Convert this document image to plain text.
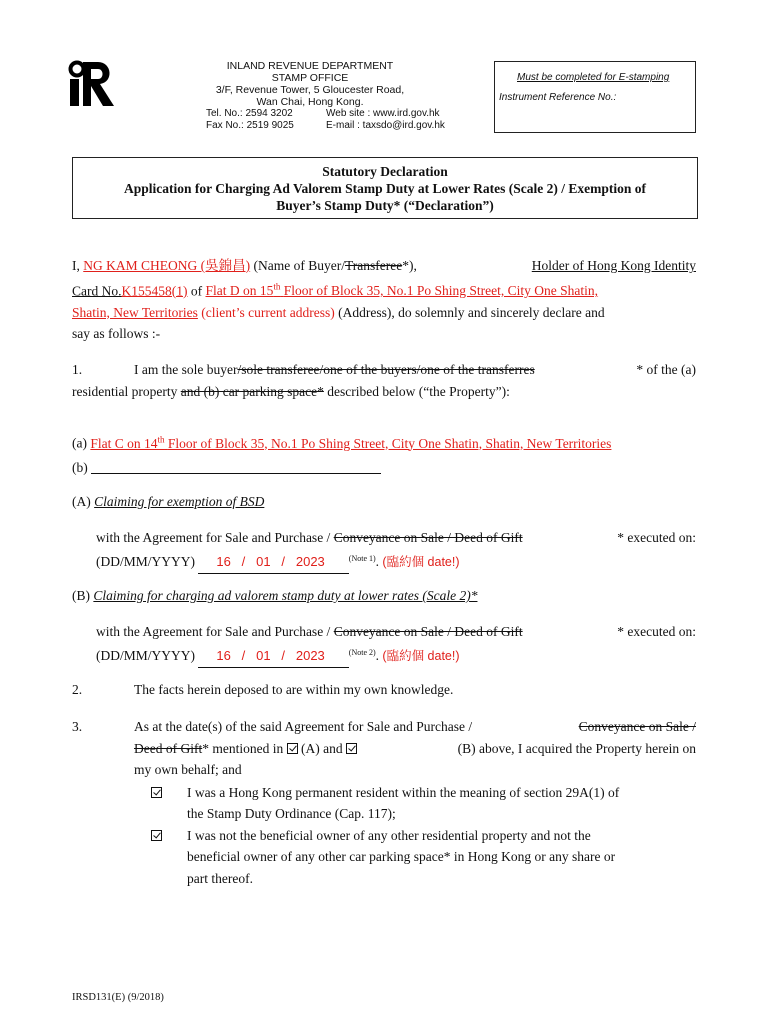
INLAND REVENUE DEPARTMENT
STAMP OFFICE
3/F, Revenue Tower, 5 Gloucester Road,
Wan Chai, Hong Kong.
Tel. No.: 2594 3202	Web site : www.ird.gov.hk
Fax No.: 2519 9025	E-mail : taxsdo@ird.gov.hk
Must be completed for E-stamping
Instrument Reference No.:
Statutory Declaration
Application for Charging Ad Valorem Stamp Duty at Lower Rates (Scale 2) / Exemption of
Buyer’s Stamp Duty* (“Declaration”)
I, NG KAM CHEONG (吳錦昌) (Name of Buyer/Transferee*),	Holder of Hong Kong Identity
Card No.K155458(1) of Flat D on 15th Floor of Block 35, No.1 Po Shing Street, City One Shatin,
Shatin, New Territories (client’s current address) (Address), do solemnly and sincerely declare and
say as follows :-
1.	I am the sole buyer/sole transferee/one of the buyers/one of the transferres	* of the (a)
residential property and (b) car parking space* described below (“the Property”):
(a) Flat C on 14th Floor of Block 35, No.1 Po Shing Street, City One Shatin, Shatin, New Territories
(b)
(A) Claiming for exemption of BSD
with the Agreement for Sale and Purchase / Conveyance on Sale / Deed of Gift	* executed on:
(DD/MM/YYYY) 16   /   01   /   2023	$^{(Note 1)}$. (臨約個 date!)
(B) Claiming for charging ad valorem stamp duty at lower rates (Scale 2)*
with the Agreement for Sale and Purchase / Conveyance on Sale / Deed of Gift	* executed on:
(DD/MM/YYYY) 16   /   01   /   2023	$^{(Note 2)}$. (臨約個 date!)
2.	The facts herein deposed to are within my own knowledge.
3.	As at the date(s) of the said Agreement for Sale and Purchase /	Conveyance on Sale /
Deed of Gift* mentioned in (A) and	(B) above, I acquired the Property herein on
my own behalf; and
I was a Hong Kong permanent resident within the meaning of section 29A(1) of
the Stamp Duty Ordinance (Cap. 117);
I was not the beneficial owner of any other residential property and not the
beneficial owner of any other car parking space* in Hong Kong or any share or
part thereof.
IRSD131(E) (9/2018)
